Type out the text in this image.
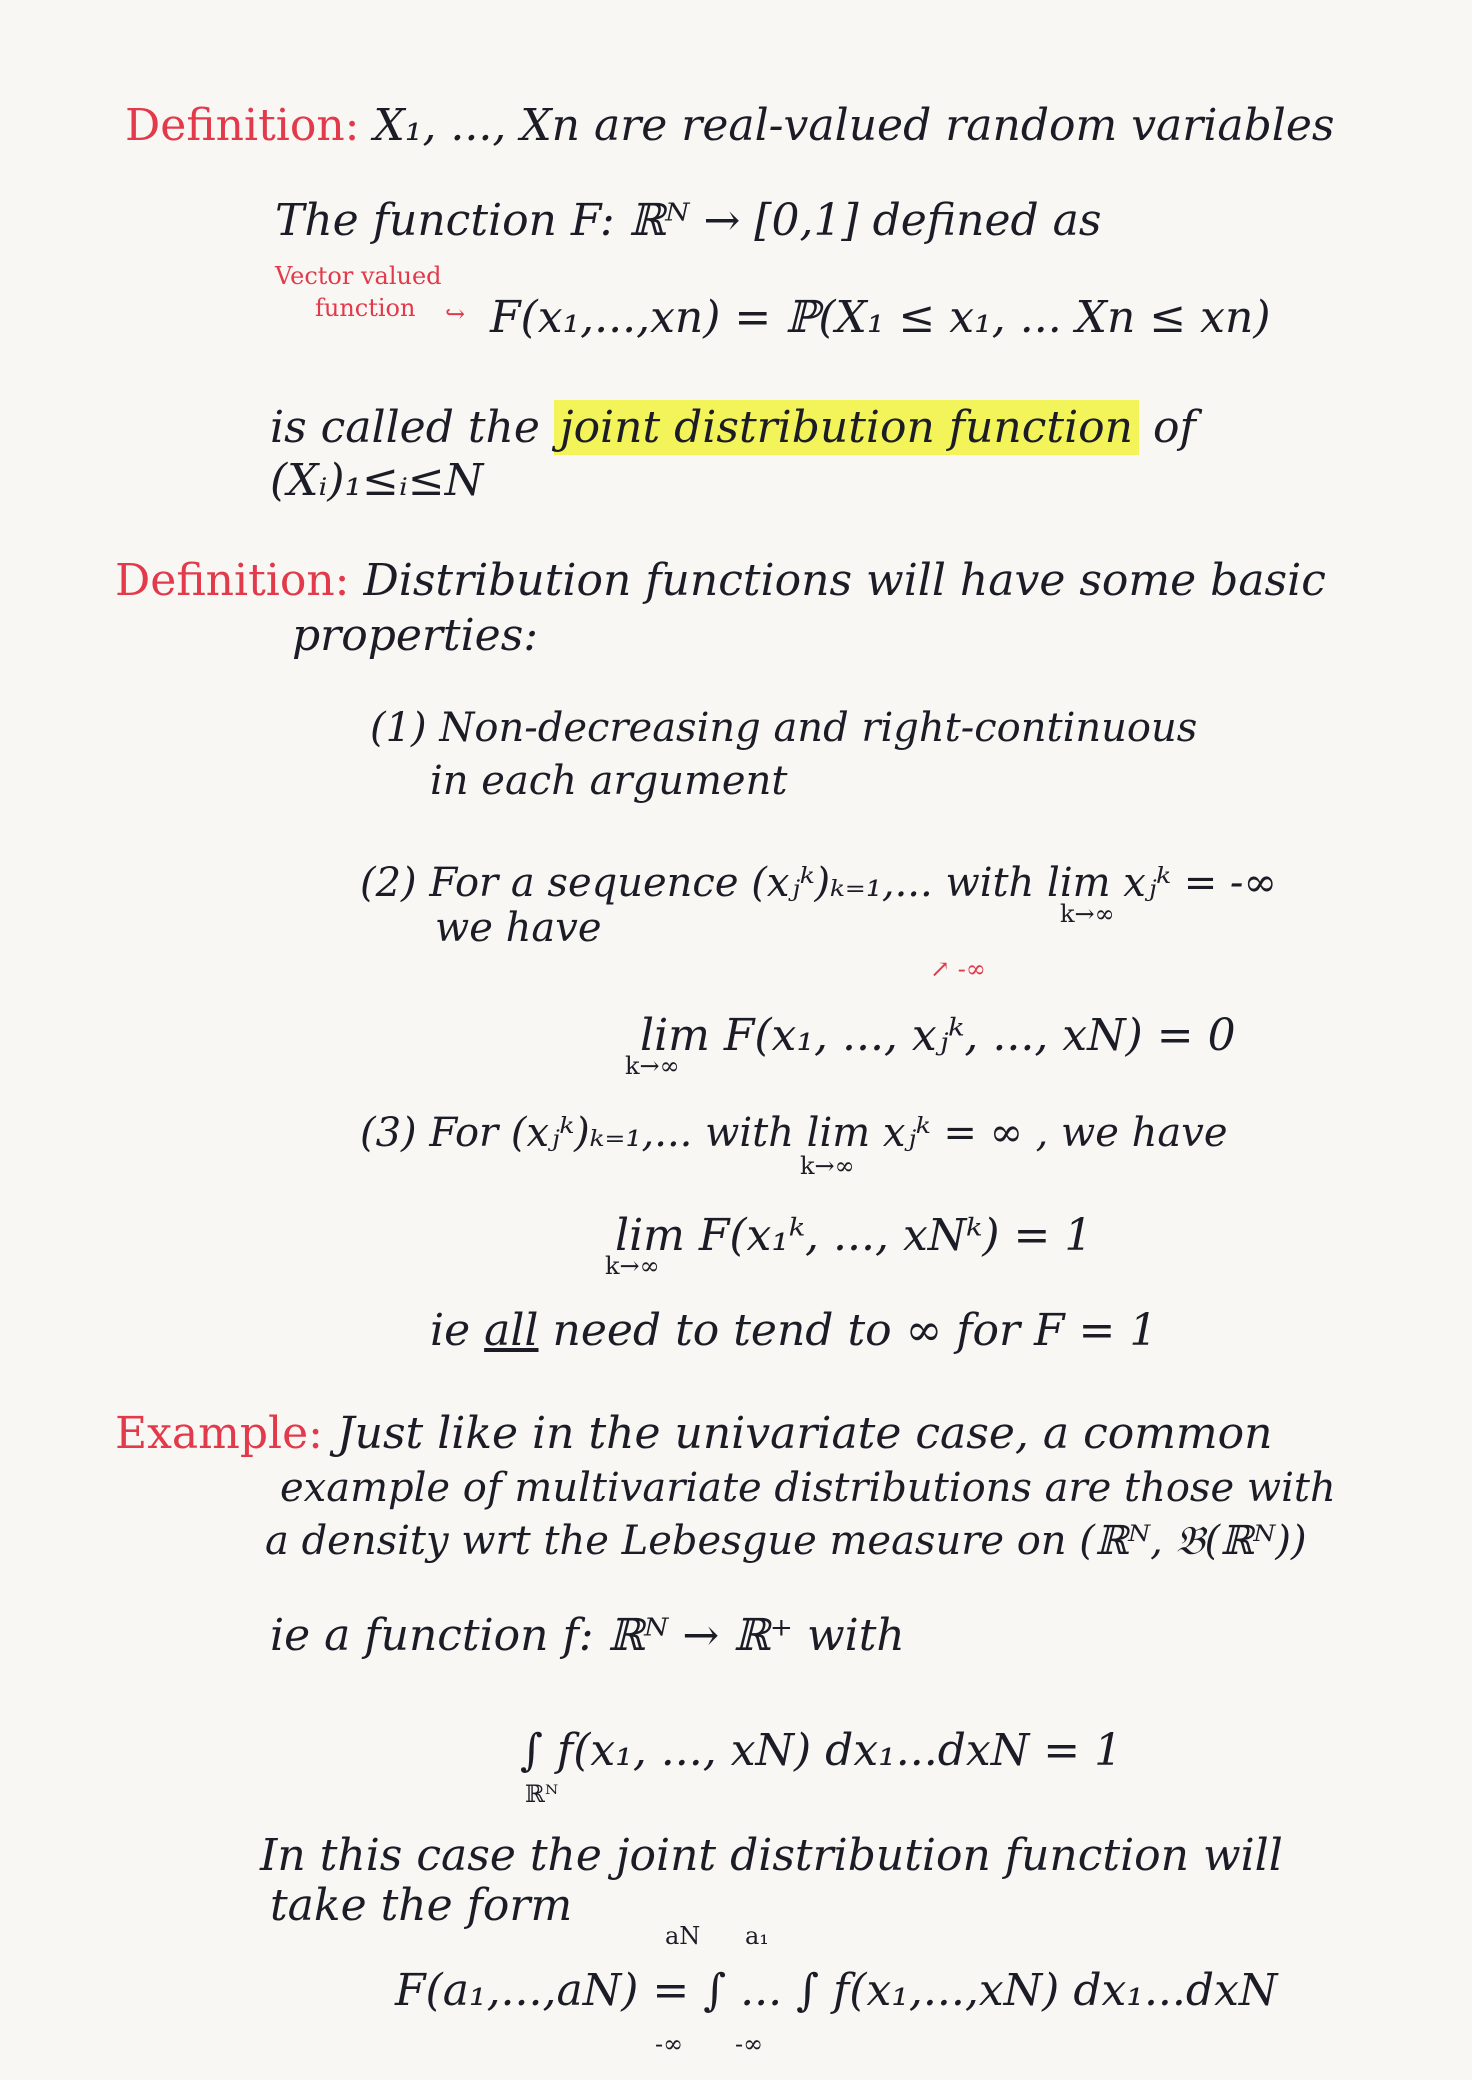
Definition: X₁, ..., Xn are real-valued random variables
The function F: ℝᴺ → [0,1] defined as
Vector valued
function ↪ F(x₁,...,xn) = ℙ(X₁ ≤ x₁, ... Xn ≤ xn)
is called the joint distribution function of
(Xᵢ)₁≤ᵢ≤N
Definition: Distribution functions will have some basic
properties:
(1) Non-decreasing and right-continuous
in each argument
(2) For a sequence (xⱼᵏ)ₖ₌₁,... with lim xⱼᵏ = -∞
k→∞
we have
↗ -∞
lim F(x₁, ..., xⱼᵏ, ..., xN) = 0
k→∞
(3) For (xⱼᵏ)ₖ₌₁,... with lim xⱼᵏ = ∞ , we have
k→∞
lim F(x₁ᵏ, ..., xNᵏ) = 1
k→∞
ie all need to tend to ∞ for F = 1
Example: Just like in the univariate case, a common
example of multivariate distributions are those with
a density wrt the Lebesgue measure on (ℝᴺ, 𝔅(ℝᴺ))
ie a function f: ℝᴺ → ℝ⁺ with
∫ f(x₁, ..., xN) dx₁...dxN = 1
ℝᴺ
In this case the joint distribution function will
take the form
aN a₁
F(a₁,...,aN) = ∫ ... ∫ f(x₁,...,xN) dx₁...dxN
-∞ -∞
